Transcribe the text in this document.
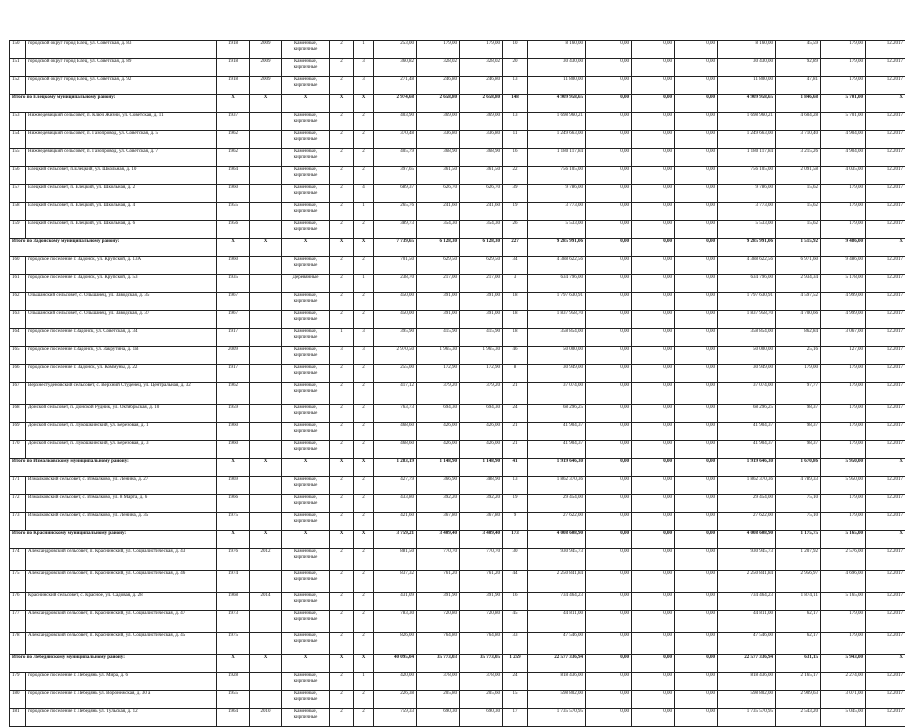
150	городской округ город Елец, ул. Советская, д. 83	1918	2009	Каменные, кирпичные	2	1	253,00	179,00	179,00	10	8 160,00	0,00	0,00	0,00	8 160,00	45,59	179,00	12.2017
151	городской округ город Елец, ул. Советская, д. 89	1918	2009	Каменные, кирпичные	2	3	360,82	328,02	328,02	20	30 430,00	0,00	0,00	0,00	30 430,00	92,89	179,00	12.2017
152	городской округ город Елец, ул. Советская, д. 92	1918	2009	Каменные, кирпичные	2	3	271,48	246,80	246,80	13	11 800,00	0,00	0,00	0,00	11 800,00	47,81	179,00	12.2017
Итого по Елецкому муниципальному району:		X	X	X	X	X	2 974,68	2 658,80	2 658,80	148	4 909 958,65	0,00	0,00	0,00	4 909 958,65	1 846,68	5 701,00	X
153	Нижнедевицкий сельсовет, п. Ключ Жизни, ул. Советская, д. 11	1937		Каменные, кирпичные	2	2	403,90	369,00	369,00	13	1 698 960,21	0,00	0,00	0,00	1 698 960,21	4 604,28	5 701,00	12.2017
154	Нижнедевицкий сельсовет, п. Газопровод, ул. Советская, д. 5	1962		Каменные, кирпичные	2	2	370,48	336,80	336,80	11	1 249 663,00	0,00	0,00	0,00	1 249 663,00	3 710,40	4 904,00	12.2017
155	Нижнедевицкий сельсовет, п. Газопровод, ул. Советская, д. 7	1962		Каменные, кирпичные	2	2	405,79	368,90	368,90	16	1 180 117,84	0,00	0,00	0,00	1 180 117,84	3 215,26	4 904,00	12.2017
156	Елецкий сельсовет, п.Елецкий, ул. Школьная, д. 10	1964		Каменные, кирпичные	2	2	397,65	361,50	361,50	22	756 105,00	0,00	0,00	0,00	756 105,00	2 091,58	4 035,00	12.2017
157	Елецкий сельсовет, п. Елецкий, ул. Школьная, д. 2	1960		Каменные, кирпичные	2	4	689,37	626,70	626,70	39	9 786,00	0,00	0,00	0,00	9 786,00	15,62	179,00	12.2017
158	Елецкий сельсовет, п. Елецкий, ул. Школьная, д. 4	1955		Каменные, кирпичные	2	1	265,76	241,60	241,60	19	3 773,00	0,00	0,00	0,00	3 773,00	15,62	179,00	12.2017
159	Елецкий сельсовет, п. Елецкий, ул. Школьная, д. 6	1956		Каменные, кирпичные	2	2	389,73	354,30	354,30	26	5 533,00	0,00	0,00	0,00	5 533,00	15,62	179,00	12.2017
Итого по Задонскому муниципальному району:		X	X	X	X	X	7 739,65	6 128,30	6 128,30	227	9 285 991,06	0,00	0,00	0,00	9 285 991,06	1 515,92	9 486,00	X
160	городское поселение г. Задонск, ул. Крупской, д. 13А	1960		Каменные, кирпичные	2	2	701,50	629,50	629,50	34	4 388 622,56	0,00	0,00	0,00	4 388 622,56	6 971,60	9 486,00	12.2017
161	городское поселение г. Задонск, ул. Крупской, д. 53	1935		Деревянные	2	1	238,70	217,00	217,00	3	634 796,00	0,00	0,00	0,00	634 796,00	2 934,34	5 178,00	12.2017
162	Ольшанский сельсовет, с. Ольшанец, ул. Заводская, д. 35	1967		Каменные, кирпичные	2	2	450,00	391,00	391,00	18	1 797 630,91	0,00	0,00	0,00	1 797 630,91	4 597,52	4 999,00	12.2017
163	Ольшанский сельсовет, с. Ольшанец, ул. Заводская, д. 37	1967		Каменные, кирпичные	2	2	450,00	391,00	391,00	18	1 837 958,70	0,00	0,00	0,00	1 837 958,70	4 700,66	4 999,00	12.2017
164	городское поселение г.Задонск, ул. Советская, д. 34	1917		Каменные, кирпичные	1	3	395,90	415,90	415,90	18	358 854,00	0,00	0,00	0,00	358 854,00	862,84	3 067,00	12.2017
165	городское поселение г.Задонск, ул. Закрутина, д. 1В	2009		Каменные, кирпичные	3	3	2 970,50	1 965,30	1 965,30	46	50 000,00	0,00	0,00	0,00	50 000,00	25,16	127,00	12.2017
166	городское поселение г. Задонск, ул. Коммуны, д. 22	1917		Каменные, кирпичные	2	2	255,00	172,90	172,90	8	30 949,00	0,00	0,00	0,00	30 949,00	179,00	179,00	12.2017
167	Верхнестудёновский сельсовет, с. Верхний Студенец, ул. Центральная, д. 32	1962		Каменные, кирпичные	2	2	417,12	379,20	379,20	21	37 074,00	0,00	0,00	0,00	37 074,00	97,77	179,00	12.2017
168	Донской сельсовет, п. Донской Рудник, ул. Октябрьская, д. 10	1959		Каменные, кирпичные	2	2	763,73	694,30	694,30	24	68 296,25	0,00	0,00	0,00	68 296,25	98,37	179,00	12.2017
169	Донской сельсовет, п. Лукошкинский, ул. Березовая, д. 1	1960		Каменные, кирпичные	2	2	468,60	426,00	426,00	21	41 904,37	0,00	0,00	0,00	41 904,37	98,37	179,00	12.2017
170	Донской сельсовет, п. Лукошкинский, ул. Березовая, д. 3	1960		Каменные, кирпичные	2	2	468,60	426,00	426,00	21	41 904,37	0,00	0,00	0,00	41 904,37	98,37	179,00	12.2017
Итого по Измалковскому муниципальному району:		X	X	X	X	X	1 283,19	1 148,90	1 148,90	41	1 919 646,30	0,00	0,00	0,00	1 919 646,30	1 670,86	5 950,00	X
171	Измалковский сельсовет, с. Измалково, ул. Ленина, д. 27	1969		Каменные, кирпичные	2	2	427,79	366,90	388,90	13	1 862 370,36	0,00	0,00	0,00	1 862 370,36	4 789,33	5 950,00	12.2017
172	Измалковский сельсовет, с. Измалково, ул. 8 Марта, д. 6	1966		Каменные, кирпичные	2	2	433,80	392,20	392,20	19	29 454,00	0,00	0,00	0,00	29 454,00	75,10	179,00	12.2017
173	Измалковский сельсовет, с. Измалково, ул. Ленина, д. 35	1975		Каменные, кирпичные	2	2	421,60	367,80	367,80	9	27 622,00	0,00	0,00	0,00	27 622,00	75,10	179,00	12.2017
Итого по Краснинскому муниципальному району:		X	X	X	X	X	3 759,21	3 409,40	3 409,40	173	4 008 608,90	0,00	0,00	0,00	4 008 608,90	1 175,75	5 165,00	X
174	Александровский сельсовет, п. Краснинский, ул. Социалистическая, д. 43	1976	2012	Каменные, кирпичные	2	2	881,50	770,70	770,70	30	930 945,73	0,00	0,00	0,00	930 945,73	1 207,92	2 576,00	12.2017
175	Александровский сельсовет, п. Краснинский, ул. Социалистическая, д. 46	1974		Каменные, кирпичные	2	2	837,32	761,20	761,20	44	2 250 841,84	0,00	0,00	0,00	2 250 841,84	2 956,97	4 696,00	12.2017
176	Краснинский сельсовет, с. Красное, ул. Садовая, д. 28	1968	2014	Каменные, кирпичные	2	2	431,09	391,90	391,90	16	734 464,23	0,00	0,00	0,00	734 464,23	1 874,11	5 165,00	12.2017
177	Александровский сельсовет, п. Краснинский, ул. Социалистическая, д. 47	1973		Каменные, кирпичные	2	2	783,30	720,80	720,80	45	44 811,00	0,00	0,00	0,00	44 811,00	62,17	179,00	12.2017
178	Александровский сельсовет, п. Краснинский, ул. Социалистическая, д. 45	1975		Каменные, кирпичные	2	2	826,00	764,80	764,80	33	47 546,00	0,00	0,00	0,00	47 546,00	62,17	179,00	12.2017
Итого по Лебедянскому муниципальному району:		X	X	X	X	X	40 095,04	35 773,03	35 773,05	1 259	22 577 336,94	0,00	0,00	0,00	22 577 336,94	631,15	5 943,00	X
179	городское поселение г. Лебедянь ул. Мира, д. 6	1928		Каменные, кирпичные	2	1	420,00	378,00	378,00	24	818 436,00	0,00	0,00	0,00	818 436,00	2 165,17	2 274,00	12.2017
180	городское поселение г. Лебедянь ул. Воронежская, д. 30 а	1955		Каменные, кирпичные	2	2	226,38	205,80	205,60	15	598 802,00	0,00	0,00	0,00	598 802,00	2 909,63	3 071,00	12.2017
181	городское поселение г. Лебедянь ул. Тульская, д. 12	1964	2010	Каменные, кирпичные	2	2	759,33	690,30	690,30	17	1 735 570,95	0,00	0,00	0,00	1 735 570,95	2 543,20	5 045,00	12.2017
